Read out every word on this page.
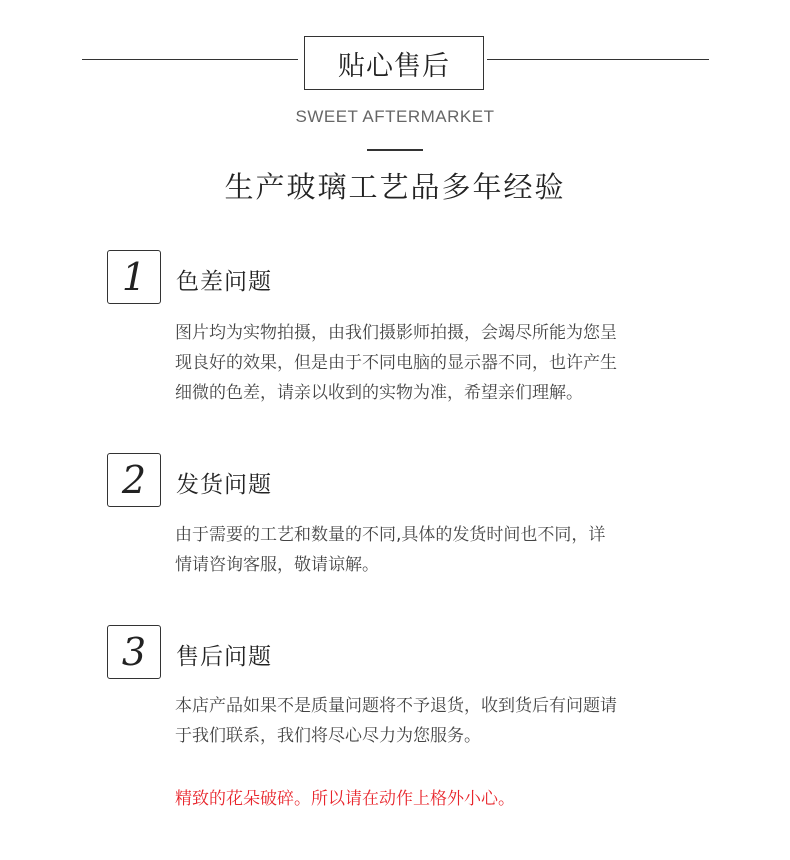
贴心售后
SWEET AFTERMARKET
生产玻璃工艺品多年经验
1	色差问题
图片均为实物拍摄，由我们摄影师拍摄，会竭尽所能为您呈
现良好的效果，但是由于不同电脑的显示器不同，也许产生
细微的色差，请亲以收到的实物为准，希望亲们理解。
2	发货问题
由于需要的工艺和数量的不同,具体的发货时间也不同，详
情请咨询客服，敬请谅解。
3	售后问题
本店产品如果不是质量问题将不予退货，收到货后有问题请
于我们联系，我们将尽心尽力为您服务。
精致的花朵破碎。所以请在动作上格外小心。
